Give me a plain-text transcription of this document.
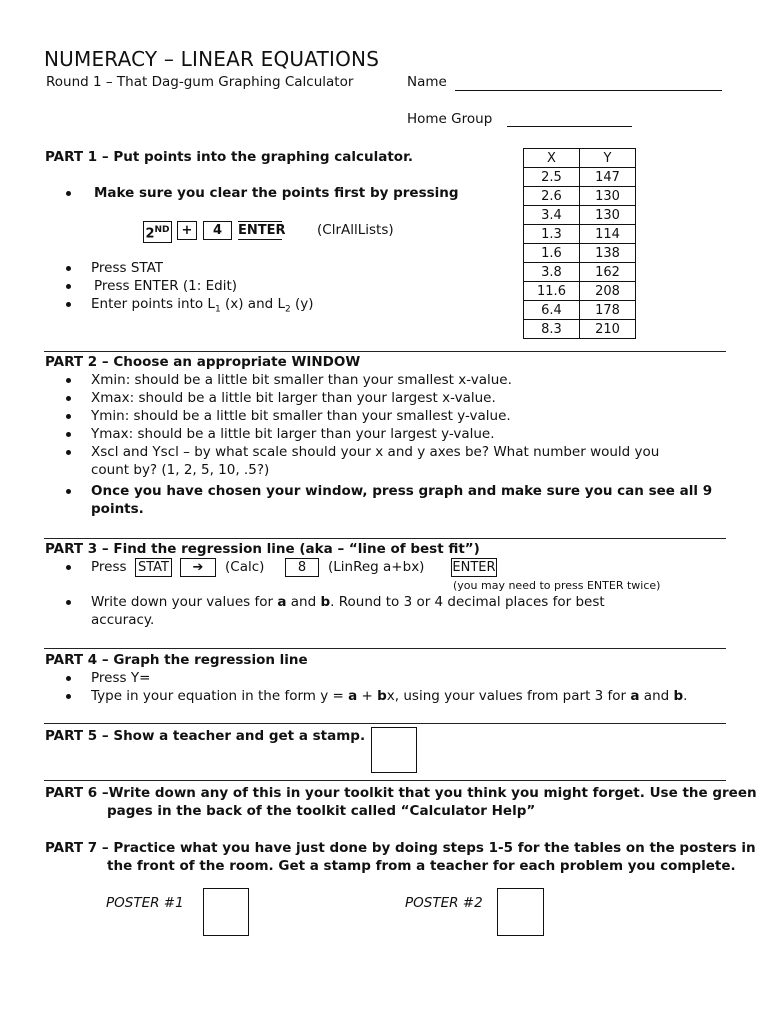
NUMERACY – LINEAR EQUATIONS
Round 1 – That Dag-gum Graphing Calculator	Name
Home Group
X	Y
2.5	147
2.6	130
3.4	130
1.3	114
1.6	138
3.8	162
11.6	208
6.4	178
8.3	210
PART 1 – Put points into the graphing calculator.
Make sure you clear the points first by pressing
2ND +	4	ENTER (ClrAllLists)
Press STAT
Press ENTER (1: Edit)
Enter points into $L_1$ (x) and $L_2$ (y)
PART 2 – Choose an appropriate WINDOW
Xmin: should be a little bit smaller than your smallest x-value.
Xmax: should be a little bit larger than your largest x-value.
Ymin: should be a little bit smaller than your smallest y-value.
Ymax: should be a little bit larger than your largest y-value.
Xscl and Yscl – by what scale should your x and y axes be? What number would you
count by? (1, 2, 5, 10, .5?)
Once you have chosen your window, press graph and make sure you can see all 9
points.
PART 3 – Find the regression line (aka – “line of best fit”)
Press STAT	➔	(Calc)	8	(LinReg a+bx) ENTER
(you may need to press ENTER twice)
Write down your values for a and b. Round to 3 or 4 decimal places for best
accuracy.
PART 4 – Graph the regression line
Press Y=
Type in your equation in the form y = a + bx, using your values from part 3 for a and b.
PART 5 – Show a teacher and get a stamp.
PART 6 –Write down any of this in your toolkit that you think you might forget. Use the green
pages in the back of the toolkit called “Calculator Help”
PART 7 – Practice what you have just done by doing steps 1-5 for the tables on the posters in
the front of the room. Get a stamp from a teacher for each problem you complete.
POSTER #1	POSTER #2
